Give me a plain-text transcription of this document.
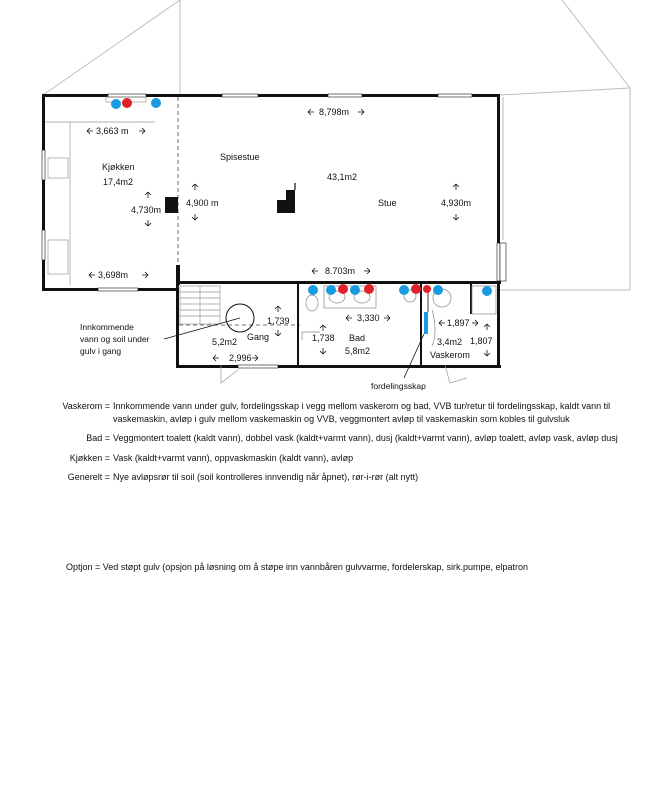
Kjøkken
17,4m2
Spisestue
Stue
43,1m2
Gang
5,2m2	Bad
5,8m2	Vaskerom
3,4m2
3,663 m
3,698m
4,730m
4,900 m
8,798m
8.703m
4,930m
2,996
1,739	3,330
1,738
1,897
1,807
Innkommende
vann og soil under
gulv i gang
fordelingsskap
Vaskerom = Innkommende vann under gulv, fordelingsskap i vegg mellom vaskerom og bad, VVB tur/retur til fordelingsskap, kaldt vann til vaskemaskin, avløp i gulv mellom vaskemaskin og VVB, veggmontert avløp til vaskemaskin som kobles til gulvsluk
Bad = Veggmontert toalett (kaldt vann), dobbel vask (kaldt+varmt vann), dusj (kaldt+varmt vann), avløp toalett, avløp vask, avløp dusj
Kjøkken = Vask (kaldt+varmt vann), oppvaskmaskin (kaldt vann), avløp
Generelt = Nye avløpsrør til soil (soil kontrolleres innvendig når åpnet), rør-i-rør (alt nytt)
Optjon = Ved støpt gulv (opsjon på løsning om å støpe inn vannbåren gulvvarme, fordelerskap, sirk.pumpe, elpatron
